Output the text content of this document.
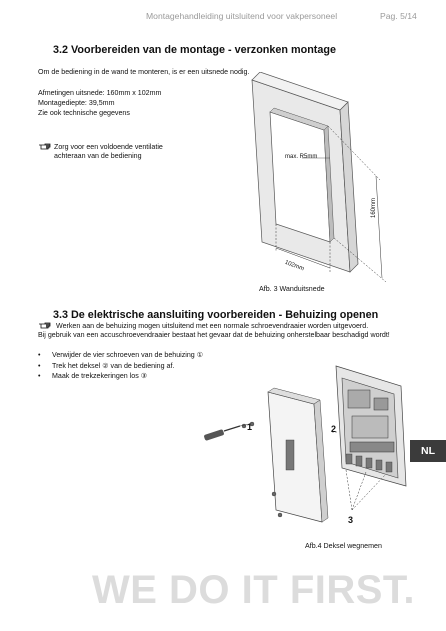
Montagehandleiding uitsluitend voor vakpersoneel	Pag. 5/14
3.2 Voorbereiden van de montage - verzonken montage
Om de bediening in de wand te monteren, is er een uitsnede nodig.
Afmetingen uitsnede: 160mm x 102mm
Montagediepte: 39,5mm
Zie ook technische gegevens
Zorg voor een voldoende ventilatie
achteraan van de bediening	max. R5mm
160mm
102mm
Afb. 3 Wanduitsnede
3.3 De elektrische aansluiting voorbereiden - Behuizing openen
Werken aan de behuizing mogen uitsluitend met een normale schroevendraaier worden uitgevoerd.
Bij gebruik van een accuschroevendraaier bestaat het gevaar dat de behuizing onherstelbaar beschadigd wordt!
• Verwijder de vier schroeven van de behuizing ①
• Trek het deksel ② van de bediening af.
• Maak de trekzekeringen los ③
1	2
3
Afb.4 Deksel wegnemen
NL
WE DO IT FIRST.
